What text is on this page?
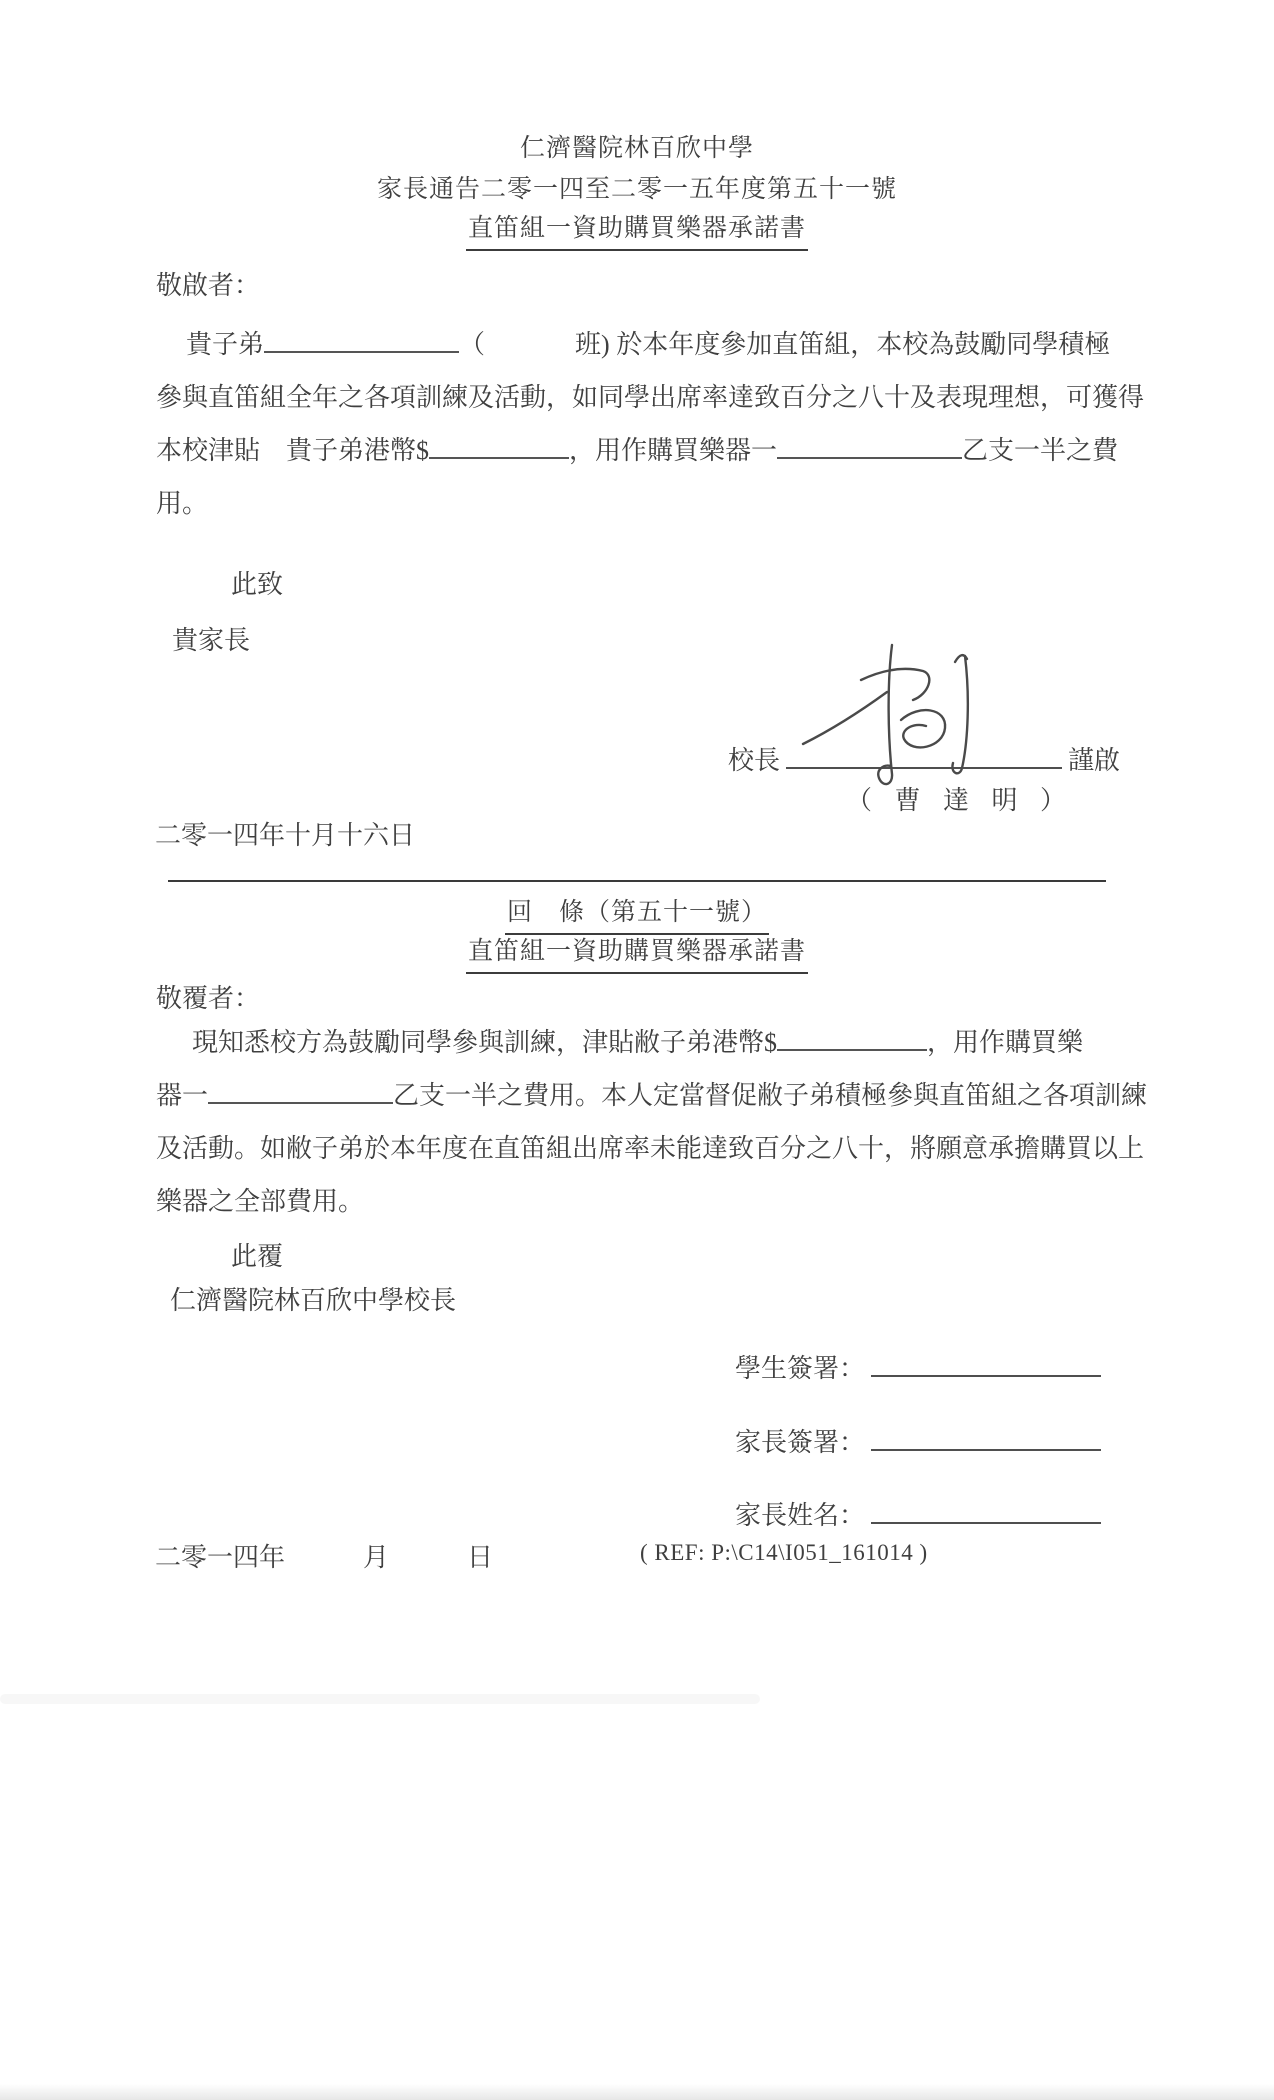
仁濟醫院林百欣中學
家長通告二零一四至二零一五年度第五十一號
直笛組一資助購買樂器承諾書
敬啟者：
貴子弟	（	班) 於本年度參加直笛組，本校為鼓勵同學積極
參與直笛組全年之各項訓練及活動，如同學出席率達致百分之八十及表現理想，可獲得
本校津貼　貴子弟港幣$	，用作購買樂器一	乙支一半之費
用。
此致
貴家長
校長	謹啟
（ 曹 達 明 ）
二零一四年十月十六日
回　條（第五十一號）
直笛組一資助購買樂器承諾書
敬覆者：
現知悉校方為鼓勵同學參與訓練，津貼敝子弟港幣$	，用作購買樂
器一	乙支一半之費用。本人定當督促敝子弟積極參與直笛組之各項訓練
及活動。如敝子弟於本年度在直笛組出席率未能達致百分之八十，將願意承擔購買以上
樂器之全部費用。
此覆
仁濟醫院林百欣中學校長
學生簽署：
家長簽署：
家長姓名：
二零一四年　　　月　　　日	( REF: P:\C14\I051_161014 )
